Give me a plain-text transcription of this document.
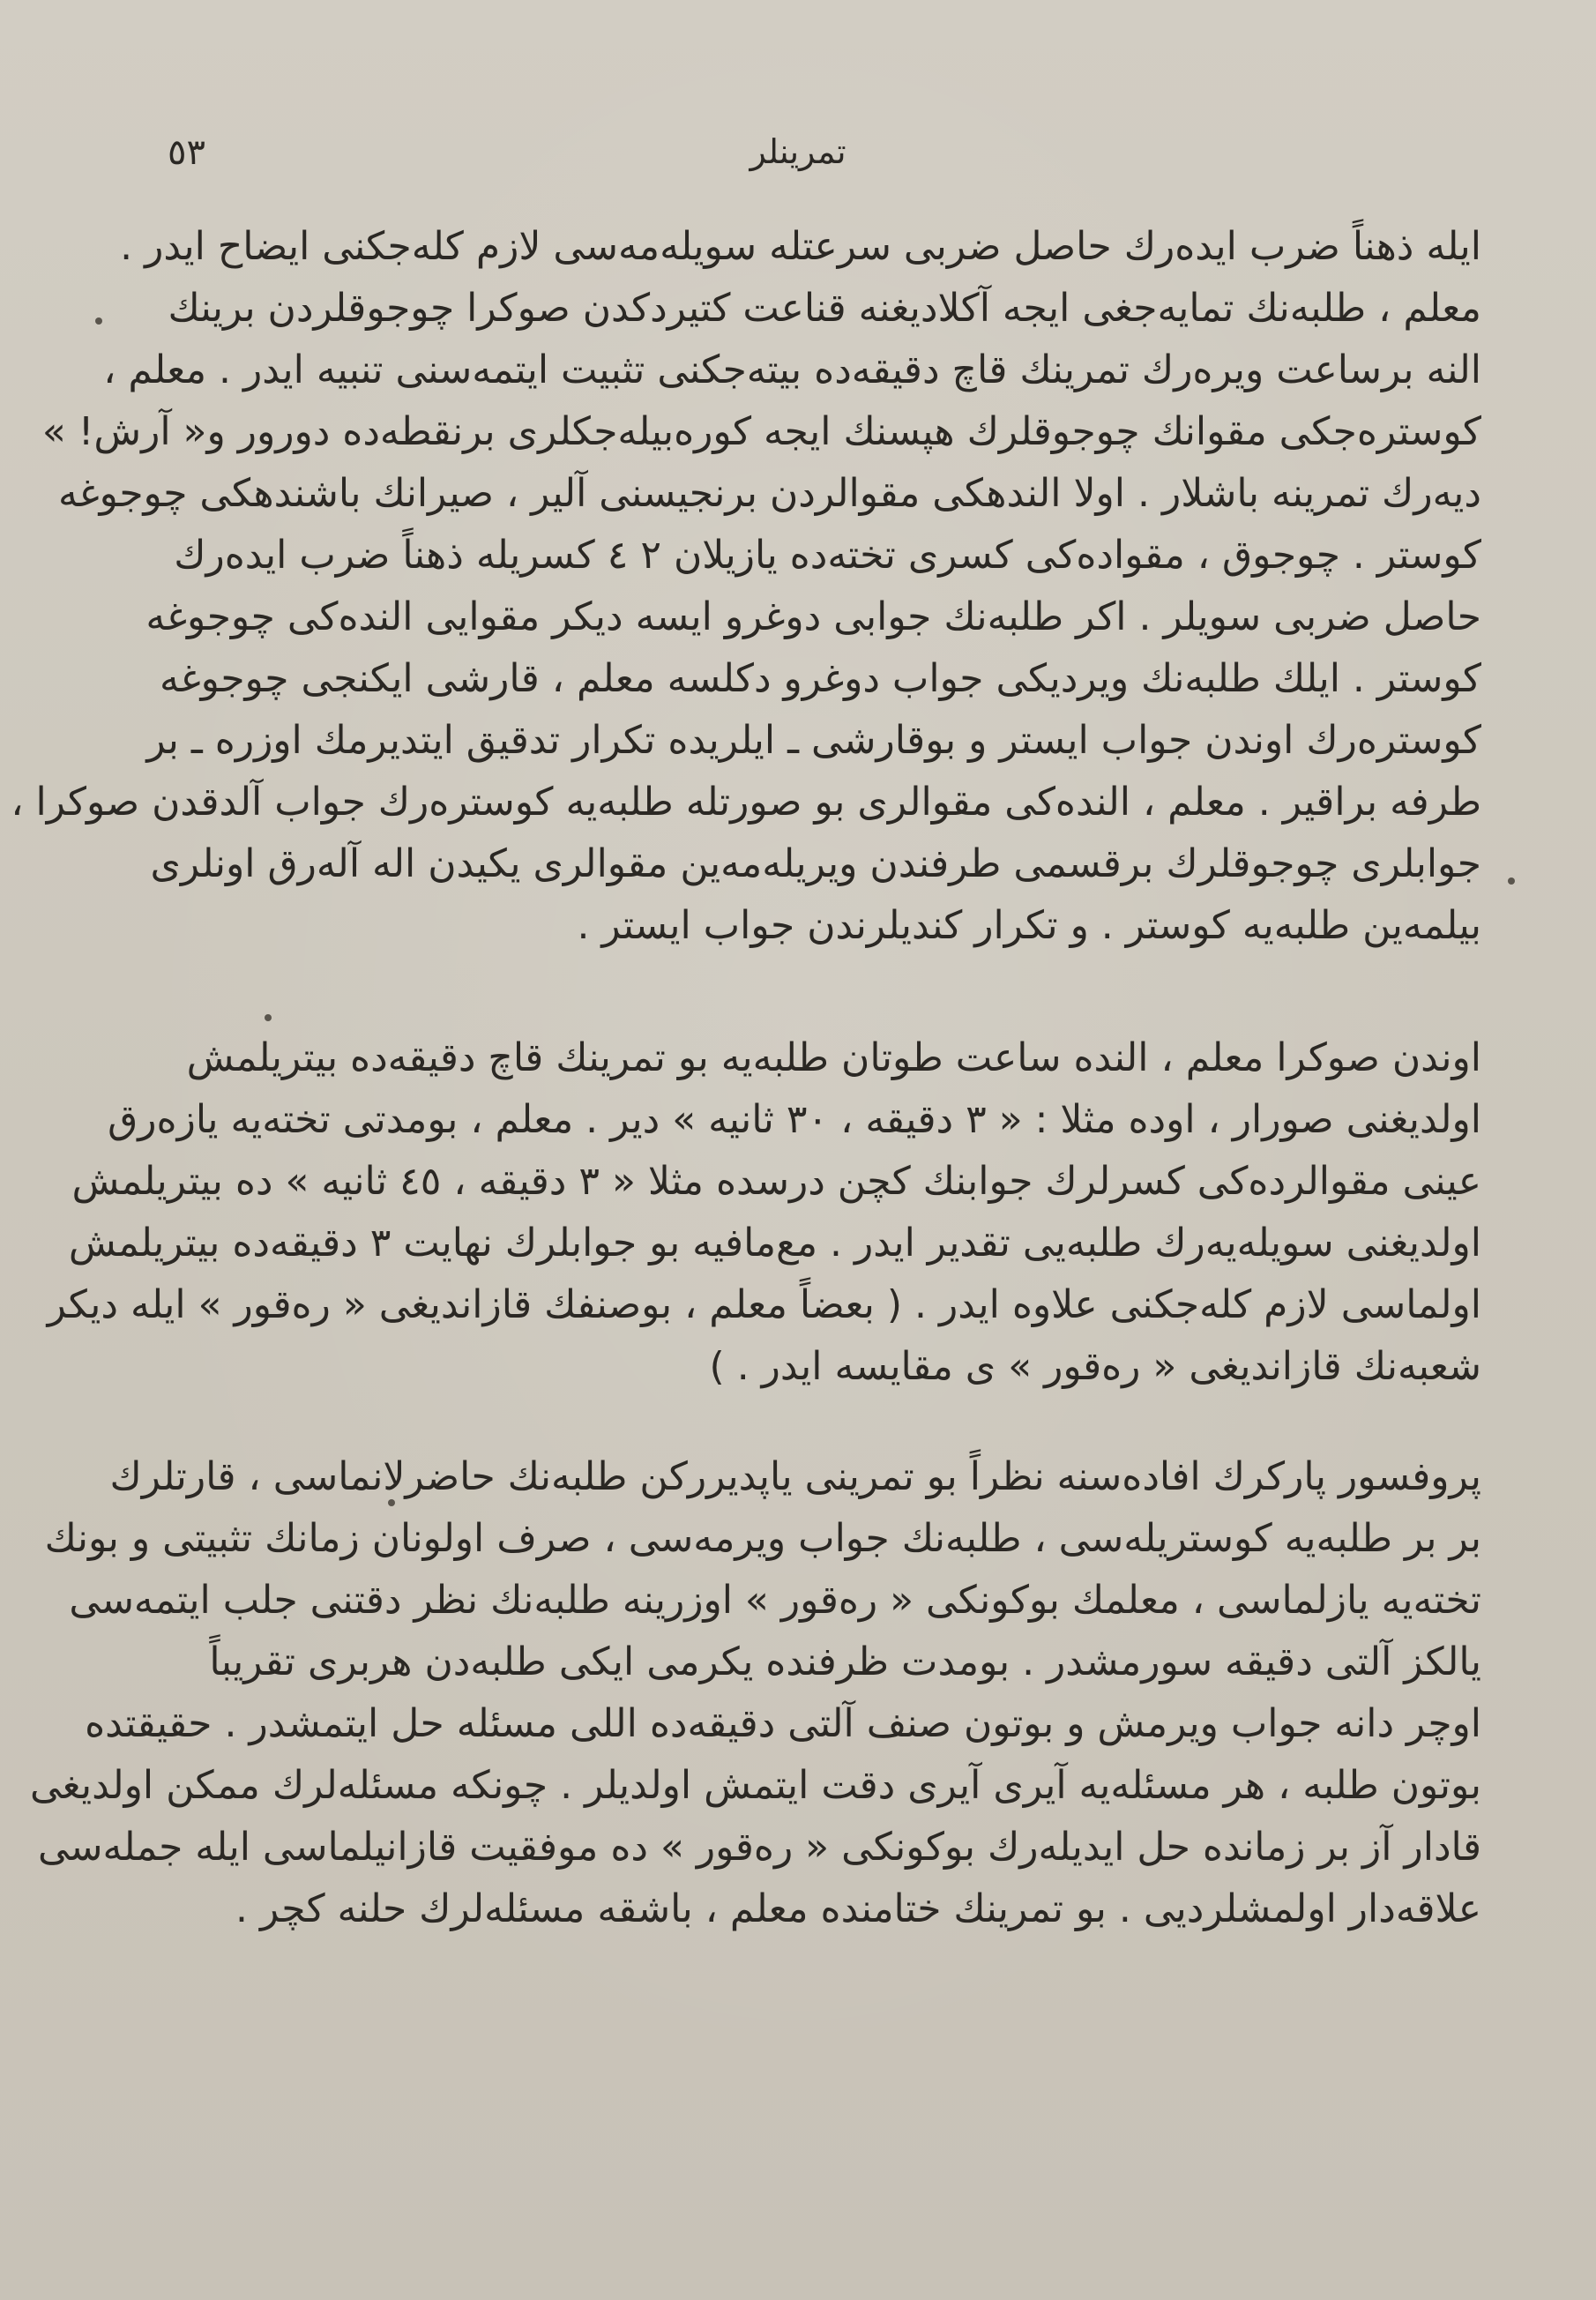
٥٣	تمرينلر
ايله ذهناً ضرب ايده‌رك حاصل ضربى سرعتله سويله‌مه‌سى لازم كله‌جكنى ايضاح ايدر .
معلم ، طلبه‌نك تمايه‌جغى ايجه آكلاديغنه قناعت كتيردكدن صوكرا چوجوقلردن برينك
النه برساعت ويره‌رك تمرينك قاچ دقيقه‌ده بيته‌جكنى تثبيت ايتمه‌سنى تنبيه ايدر . معلم ،
كوستره‌جكى مقوانك چوجوقلرك هپسنك ايجه كوره‌بيله‌جكلرى برنقطه‌ده دورور و« آرش! »
ديه‌رك تمرينه باشلار . اولا الندهكى مقوالردن برنجيسنى آلير ، صيرانك باشندهكى چوجوغه
كوستر . چوجوق ، مقواده‌كى كسرى تخته‌ده يازيلان ٢ ٤ كسريله ذهناً ضرب ايده‌رك
حاصل ضربى سويلر . اكر طلبه‌نك جوابى دوغرو ايسه ديكر مقوايى النده‌كى چوجوغه
كوستر . ايلك طلبه‌نك ويرديكى جواب دوغرو دكلسه معلم ، قارشى ايكنجى چوجوغه
كوستره‌رك اوندن جواب ايستر و بوقارشى ـ ايلريده تكرار تدقيق ايتديرمك اوزره ـ بر
طرفه براقير . معلم ، النده‌كى مقوالرى بو صورتله طلبه‌يه كوستره‌رك جواب آلدقدن صوكرا ،
جوابلرى چوجوقلرك برقسمى طرفندن ويريله‌مه‌ين مقوالرى يكيدن اله آله‌رق اونلرى
بيلمه‌ين طلبه‌يه كوستر . و تكرار كنديلرندن جواب ايستر .
اوندن صوكرا معلم ، النده ساعت طوتان طلبه‌يه بو تمرينك قاچ دقيقه‌ده بيتريلمش
اولديغنى صورار ، اوده مثلا : « ٣ دقيقه ، ٣٠ ثانيه » دير . معلم ، بومدتى تخته‌يه يازه‌رق
عينى مقوالرده‌كى كسرلرك جوابنك كچن درسده مثلا « ٣ دقيقه ، ٤٥ ثانيه » ده بيتريلمش
اولديغنى سويله‌يه‌رك طلبه‌يى تقدير ايدر . مع‌مافيه بو جوابلرك نهايت ٣ دقيقه‌ده بيتريلمش
اولماسى لازم كله‌جكنى علاوه ايدر . ( بعضاً معلم ، بوصنفك قازانديغى « ره‌قور » ايله ديكر
شعبه‌نك قازانديغى « ره‌قور » ى مقايسه ايدر . )
پروفسور پاركرك افاده‌سنه نظراً بو تمرينى ياپديرركن طلبه‌نك حاضرلانماسى ، قارتلرك
بر بر طلبه‌يه كوستريله‌سى ، طلبه‌نك جواب ويرمه‌سى ، صرف اولونان زمانك تثبيتى و بونك
تخته‌يه يازلماسى ، معلمك بوكونكى « ره‌قور » اوزرينه طلبه‌نك نظر دقتنى جلب ايتمه‌سى
يالكز آلتى دقيقه سورمشدر . بومدت ظرفنده يكرمى ايكى طلبه‌دن هربرى تقريباً
اوچر دانه جواب ويرمش و بوتون صنف آلتى دقيقه‌ده اللى مسئله حل ايتمشدر . حقيقتده
بوتون طلبه ، هر مسئله‌يه آيرى آيرى دقت ايتمش اولديلر . چونكه مسئله‌لرك ممكن اولديغى
قادار آز بر زمانده حل ايديله‌رك بوكونكى « ره‌قور » ده موفقيت قازانيلماسى ايله جمله‌سى
علاقه‌دار اولمشلرديى . بو تمرينك ختامنده معلم ، باشقه مسئله‌لرك حلنه كچر .
